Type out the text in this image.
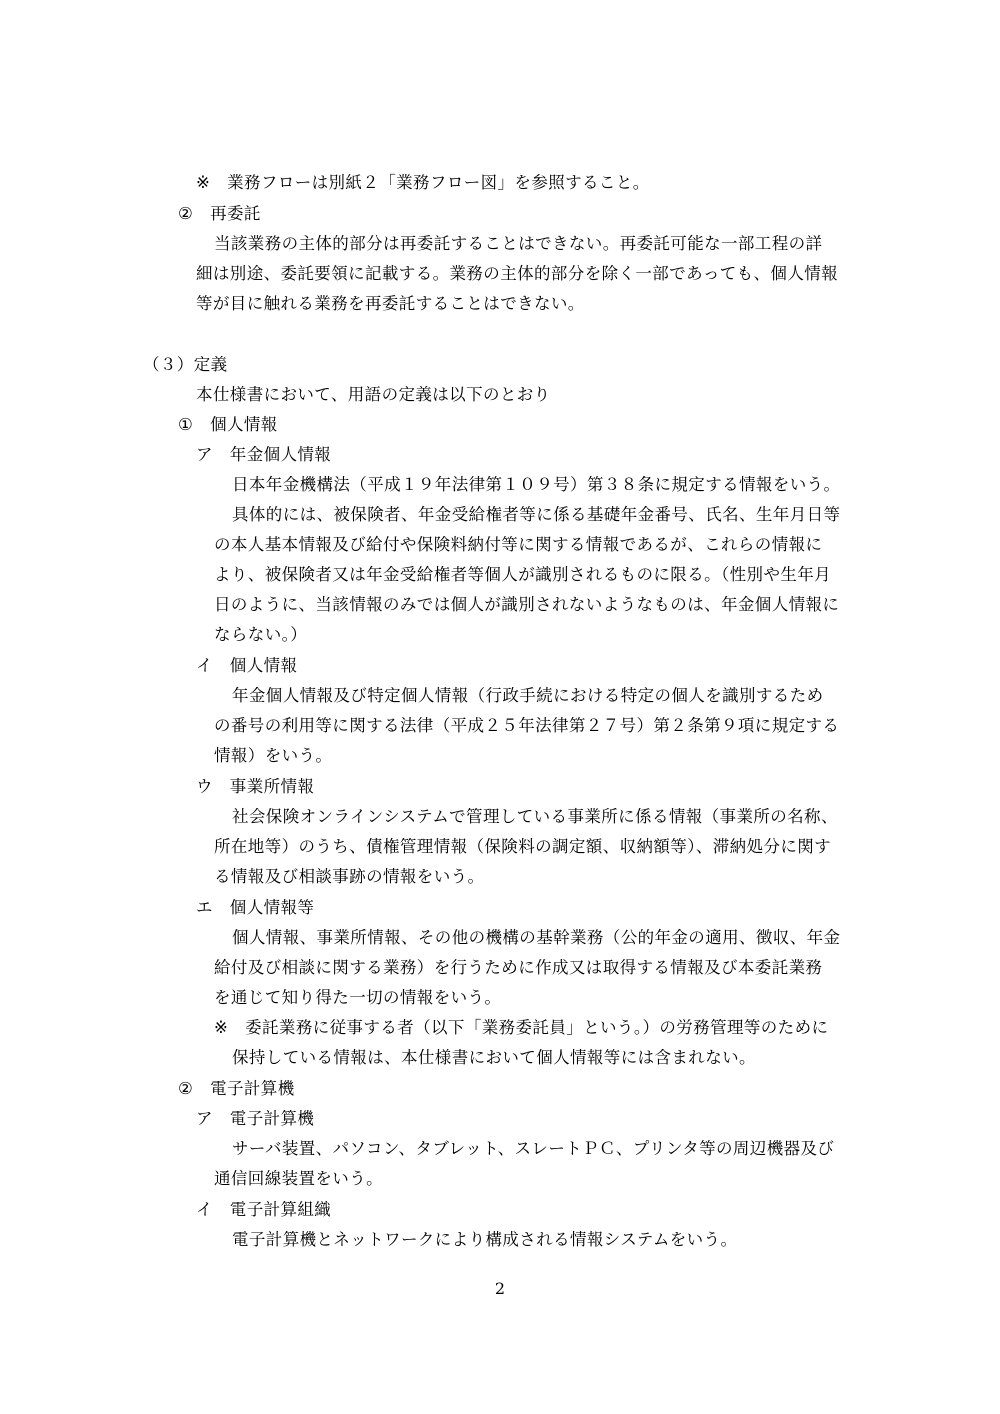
※　業務フローは別紙２「業務フロー図」を参照すること。
②　再委託
当該業務の主体的部分は再委託することはできない。再委託可能な一部工程の詳
細は別途、委託要領に記載する。業務の主体的部分を除く一部であっても、個人情報
等が目に触れる業務を再委託することはできない。
（３）定義
本仕様書において、用語の定義は以下のとおり
①　個人情報
ア　年金個人情報
日本年金機構法（平成１９年法律第１０９号）第３８条に規定する情報をいう。
具体的には、被保険者、年金受給権者等に係る基礎年金番号、氏名、生年月日等
の本人基本情報及び給付や保険料納付等に関する情報であるが、これらの情報に
より、被保険者又は年金受給権者等個人が識別されるものに限る。（性別や生年月
日のように、当該情報のみでは個人が識別されないようなものは、年金個人情報に
ならない。）
イ　個人情報
年金個人情報及び特定個人情報（行政手続における特定の個人を識別するため
の番号の利用等に関する法律（平成２５年法律第２７号）第２条第９項に規定する
情報）をいう。
ウ　事業所情報
社会保険オンラインシステムで管理している事業所に係る情報（事業所の名称、
所在地等）のうち、債権管理情報（保険料の調定額、収納額等）、滞納処分に関す
る情報及び相談事跡の情報をいう。
エ　個人情報等
個人情報、事業所情報、その他の機構の基幹業務（公的年金の適用、徴収、年金
給付及び相談に関する業務）を行うために作成又は取得する情報及び本委託業務
を通じて知り得た一切の情報をいう。
※　委託業務に従事する者（以下「業務委託員」という。）の労務管理等のために
保持している情報は、本仕様書において個人情報等には含まれない。
②　電子計算機
ア　電子計算機
サーバ装置、パソコン、タブレット、スレートＰＣ、プリンタ等の周辺機器及び
通信回線装置をいう。
イ　電子計算組織
電子計算機とネットワークにより構成される情報システムをいう。
2
